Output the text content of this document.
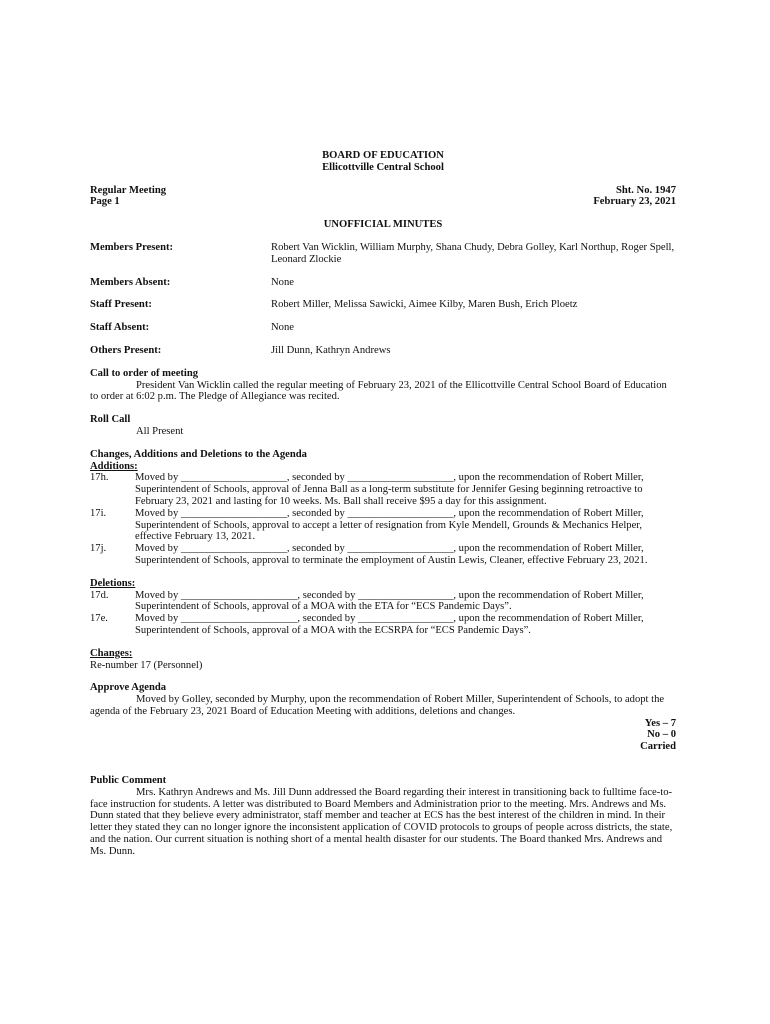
BOARD OF EDUCATION
Ellicottville Central School
Regular Meeting	Sht. No. 1947
Page 1	February 23, 2021
UNOFFICIAL MINUTES
Members Present:	Robert Van Wicklin, William Murphy, Shana Chudy, Debra Golley, Karl Northup, Roger Spell, Leonard Zlockie
Members Absent:	None
Staff Present:	Robert Miller, Melissa Sawicki, Aimee Kilby, Maren Bush, Erich Ploetz
Staff Absent:	None
Others Present:	Jill Dunn, Kathryn Andrews
Call to order of meeting
President Van Wicklin called the regular meeting of February 23, 2021 of the Ellicottville Central School Board of Education to order at 6:02 p.m. The Pledge of Allegiance was recited.
Roll Call
All Present
Changes, Additions and Deletions to the Agenda
Additions:
17h.	Moved by ____________________, seconded by ____________________, upon the recommendation of Robert Miller, Superintendent of Schools, approval of Jenna Ball as a long-term substitute for Jennifer Gesing beginning retroactive to February 23, 2021 and lasting for 10 weeks. Ms. Ball shall receive $95 a day for this assignment.
17i.	Moved by ____________________, seconded by ____________________, upon the recommendation of Robert Miller, Superintendent of Schools, approval to accept a letter of resignation from Kyle Mendell, Grounds & Mechanics Helper, effective February 13, 2021.
17j.	Moved by ____________________, seconded by ____________________, upon the recommendation of Robert Miller, Superintendent of Schools, approval to terminate the employment of Austin Lewis, Cleaner, effective February 23, 2021.
Deletions:
17d.	Moved by ______________________, seconded by __________________, upon the recommendation of Robert Miller, Superintendent of Schools, approval of a MOA with the ETA for “ECS Pandemic Days”.
17e.	Moved by ______________________, seconded by __________________, upon the recommendation of Robert Miller, Superintendent of Schools, approval of a MOA with the ECSRPA for “ECS Pandemic Days”.
Changes:
Re-number 17 (Personnel)
Approve Agenda
Moved by Golley, seconded by Murphy, upon the recommendation of Robert Miller, Superintendent of Schools, to adopt the agenda of the February 23, 2021 Board of Education Meeting with additions, deletions and changes.
Yes – 7
No – 0
Carried
Public Comment
Mrs. Kathryn Andrews and Ms. Jill Dunn addressed the Board regarding their interest in transitioning back to fulltime face-to-face instruction for students. A letter was distributed to Board Members and Administration prior to the meeting. Mrs. Andrews and Ms. Dunn stated that they believe every administrator, staff member and teacher at ECS has the best interest of the children in mind. In their letter they stated they can no longer ignore the inconsistent application of COVID protocols to groups of people across districts, the state, and the nation. Our current situation is nothing short of a mental health disaster for our students. The Board thanked Mrs. Andrews and Ms. Dunn.
